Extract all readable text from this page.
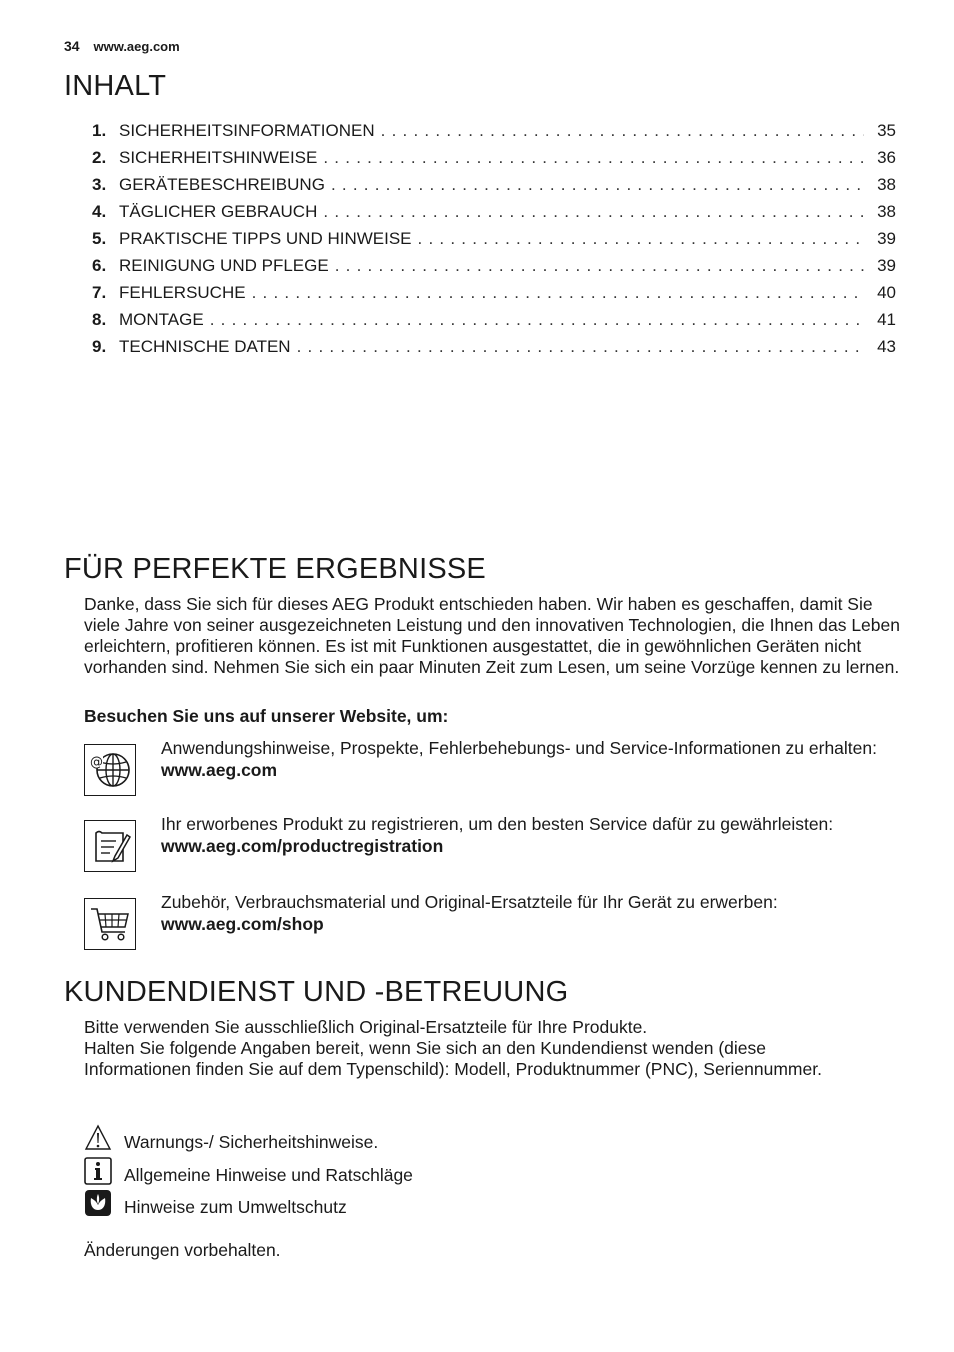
34 www.aeg.com
INHALT
1. SICHERHEITSINFORMATIONEN . . .	35
2. SICHERHEITSHINWEISE . . .	36
3. GERÄTEBESCHREIBUNG . . .	38
4. TÄGLICHER GEBRAUCH . . .	38
5. PRAKTISCHE TIPPS UND HINWEISE . . .	39
6. REINIGUNG UND PFLEGE . . .	39
7. FEHLERSUCHE . . .	40
8. MONTAGE . . .	41
9. TECHNISCHE DATEN . . .	43
FÜR PERFEKTE ERGEBNISSE

Danke, dass Sie sich für dieses AEG Produkt entschieden haben. Wir haben es geschaffen, damit Sie viele Jahre von seiner ausgezeichneten Leistung und den innovativen Technologien, die Ihnen das Leben erleichtern, profitieren können. Es ist mit Funktionen ausgestattet, die in gewöhnlichen Geräten nicht vorhanden sind. Nehmen Sie sich ein paar Minuten Zeit zum Lesen, um seine Vorzüge kennen zu lernen.

Besuchen Sie uns auf unserer Website, um:

@
Anwendungshinweise, Prospekte, Fehlerbehebungs- und Service-Informationen zu erhalten:
www.aeg.com
Ihr erworbenes Produkt zu registrieren, um den besten Service dafür zu gewährleisten:
www.aeg.com/productregistration
Zubehör, Verbrauchsmaterial und Original-Ersatzteile für Ihr Gerät zu erwerben:
www.aeg.com/shop
KUNDENDIENST UND -BETREUUNG
Bitte verwenden Sie ausschließlich Original-Ersatzteile für Ihre Produkte.
Halten Sie folgende Angaben bereit, wenn Sie sich an den Kundendienst wenden (diese Informationen finden Sie auf dem Typenschild): Modell, Produktnummer (PNC), Seriennummer.
Warnungs-/ Sicherheitshinweise.
Allgemeine Hinweise und Ratschläge
Hinweise zum Umweltschutz

Änderungen vorbehalten.
